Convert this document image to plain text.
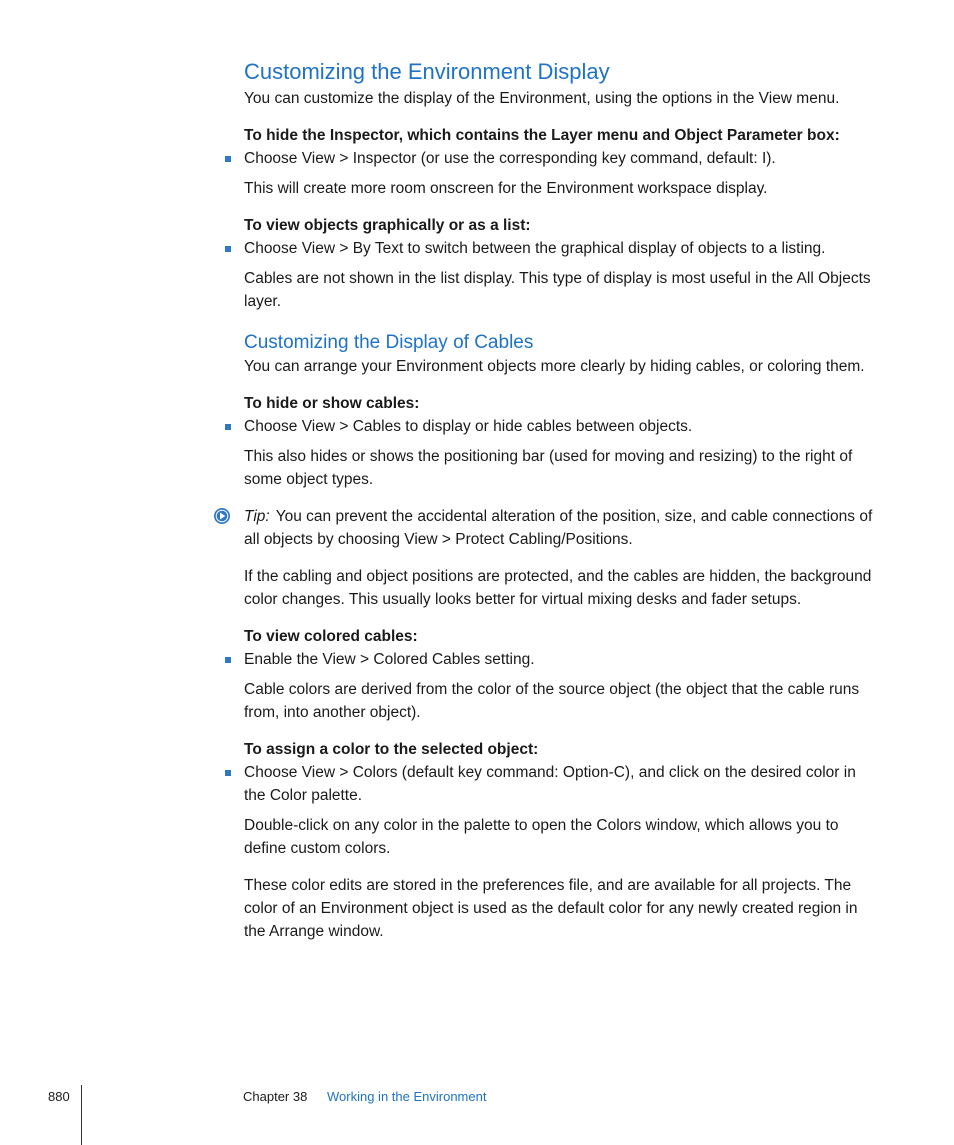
Customizing the Environment Display

You can customize the display of the Environment, using the options in the View menu.

To hide the Inspector, which contains the Layer menu and Object Parameter box:

Choose View > Inspector (or use the corresponding key command, default: I).

This will create more room onscreen for the Environment workspace display.

To view objects graphically or as a list:

Choose View > By Text to switch between the graphical display of objects to a listing.

Cables are not shown in the list display. This type of display is most useful in the All Objects layer.

Customizing the Display of Cables

You can arrange your Environment objects more clearly by hiding cables, or coloring them.

To hide or show cables:

Choose View > Cables to display or hide cables between objects.

This also hides or shows the positioning bar (used for moving and resizing) to the right of some object types.

Tip: You can prevent the accidental alteration of the position, size, and cable connections of all objects by choosing View > Protect Cabling/Positions.

If the cabling and object positions are protected, and the cables are hidden, the background color changes. This usually looks better for virtual mixing desks and fader setups.

To view colored cables:

Enable the View > Colored Cables setting.

Cable colors are derived from the color of the source object (the object that the cable runs from, into another object).

To assign a color to the selected object:

Choose View > Colors (default key command: Option-C), and click on the desired color in the Color palette.

Double-click on any color in the palette to open the Colors window, which allows you to define custom colors.

These color edits are stored in the preferences file, and are available for all projects. The color of an Environment object is used as the default color for any newly created region in the Arrange window.

880	Chapter 38 Working in the Environment
